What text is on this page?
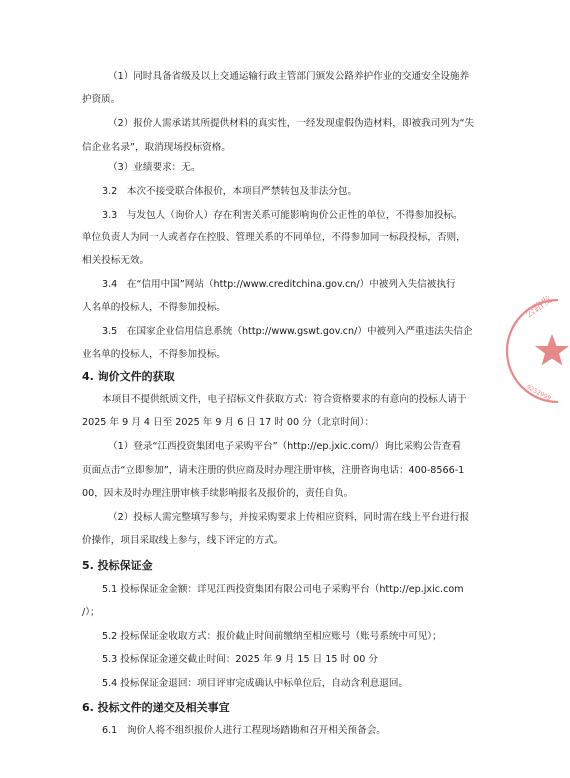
（1）同时具备省级及以上交通运输行政主管部门颁发公路养护作业的交通安全设施养
护资质。
（2）报价人需承诺其所提供材料的真实性，一经发现虚假伪造材料，即被我司列为“失
信企业名录”，取消现场投标资格。
（3）业绩要求：无。
3.2　本次不接受联合体报价，本项目严禁转包及非法分包。
3.3　与发包人（询价人）存在利害关系可能影响询价公正性的单位，不得参加投标。
单位负责人为同一人或者存在控股、管理关系的不同单位，不得参加同一标段投标，否则，
相关投标无效。
3.4　在“信用中国”网站（http://www.creditchina.gov.cn/）中被列入失信被执行
人名单的投标人，不得参加投标。
3.5　在国家企业信用信息系统（http://www.gswt.gov.cn/）中被列入严重违法失信企
业名单的投标人，不得参加投标。
4. 询价文件的获取
本项目不提供纸质文件，电子招标文件获取方式：符合资格要求的有意向的投标人请于
2025 年 9 月 4 日至 2025 年 9 月 6 日 17 时 00 分（北京时间）：
（1）登录“江西投资集团电子采购平台”（http://ep.jxic.com/）询比采购公告查看
页面点击“立即参加”，请未注册的供应商及时办理注册审核，注册咨询电话：400-8566-1
00，因未及时办理注册审核手续影响报名及报价的，责任自负。
（2）投标人需完整填写参与，并按采购要求上传相应资料，同时需在线上平台进行报
价操作，项目采取线上参与，线下评定的方式。
5. 投标保证金
5.1 投标保证金金额：详见江西投资集团有限公司电子采购平台（http://ep.jxic.com
/）；
5.2 投标保证金收取方式：报价截止时间前缴纳至相应账号（账号系统中可见）；
5.3 投标保证金递交截止时间：2025 年 9 月 15 日 15 时 00 分
5.4 投标保证金退回：项目评审完成确认中标单位后，自动含利息退回。
6. 投标文件的递交及相关事宜
6.1　询价人将不组织报价人进行工程现场踏勘和召开相关预备会。
公路发
9252999
